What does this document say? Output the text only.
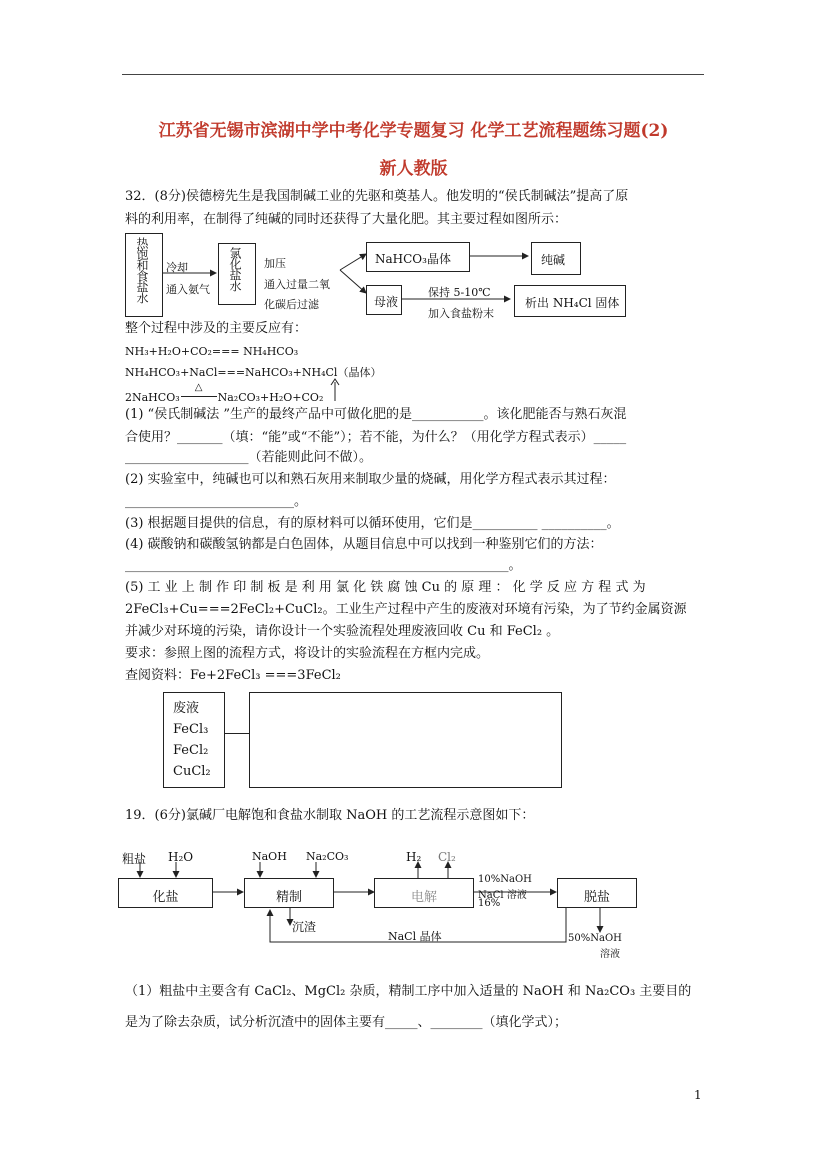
江苏省无锡市滨湖中学中考化学专题复习 化学工艺流程题练习题(2)
新人教版
32．(8分)侯德榜先生是我国制碱工业的先驱和奠基人。他发明的“侯氏制碱法”提高了原
料的利用率，在制得了纯碱的同时还获得了大量化肥。其主要过程如图所示：
热饱和食盐水	冷却
通入氨气	氯化盐水	加压
通入过量二氧
化碳后过滤
NaHCO₃晶体	纯碱
母液
保持 5-10℃
加入食盐粉末
析出 NH₄Cl 固体
整个过程中涉及的主要反应有：
NH₃+H₂O+CO₂=== NH₄HCO₃
NH₄HCO₃+NaCl===NaHCO₃+NH₄Cl（晶体）
2NaHCO₃
△
Na₂CO₃+H₂O+CO₂
(1) “侯氏制碱法 ”生产的最终产品中可做化肥的是___________。该化肥能否与熟石灰混
合使用？_______（填：“能”或“不能”）；若不能，为什么？（用化学方程式表示）_____
___________________（若能则此问不做）。
(2) 实验室中，纯碱也可以和熟石灰用来制取少量的烧碱，用化学方程式表示其过程：
__________________________。
(3) 根据题目提供的信息，有的原材料可以循环使用，它们是__________ __________。
(4) 碳酸钠和碳酸氢钠都是白色固体，从题目信息中可以找到一种鉴别它们的方法：
___________________________________________________________。
(5) 工 业 上 制 作 印 制 板 是 利 用 氯 化 铁 腐 蚀 Cu 的 原 理 ： 化 学 反 应 方 程 式 为
2FeCl₃+Cu===2FeCl₂+CuCl₂。工业生产过程中产生的废液对环境有污染，为了节约金属资源
并减少对环境的污染，请你设计一个实验流程处理废液回收 Cu 和 FeCl₂ 。
要求：参照上图的流程方式，将设计的实验流程在方框内完成。
查阅资料：Fe+2FeCl₃ ===3FeCl₂
废液
FeCl₃
FeCl₂
CuCl₂
19．(6分)氯碱厂电解饱和食盐水制取 NaOH 的工艺流程示意图如下：
粗盐 H₂O	NaOH Na₂CO₃	H₂ Cl₂
化盐	精制	电解	脱盐
10%NaOH
NaCl 溶液
16%
沉渣
NaCl 晶体	50%NaOH
溶液
（1）粗盐中主要含有 CaCl₂、MgCl₂ 杂质，精制工序中加入适量的 NaOH 和 Na₂CO₃ 主要目的
是为了除去杂质，试分析沉渣中的固体主要有_____、________（填化学式）；
1
